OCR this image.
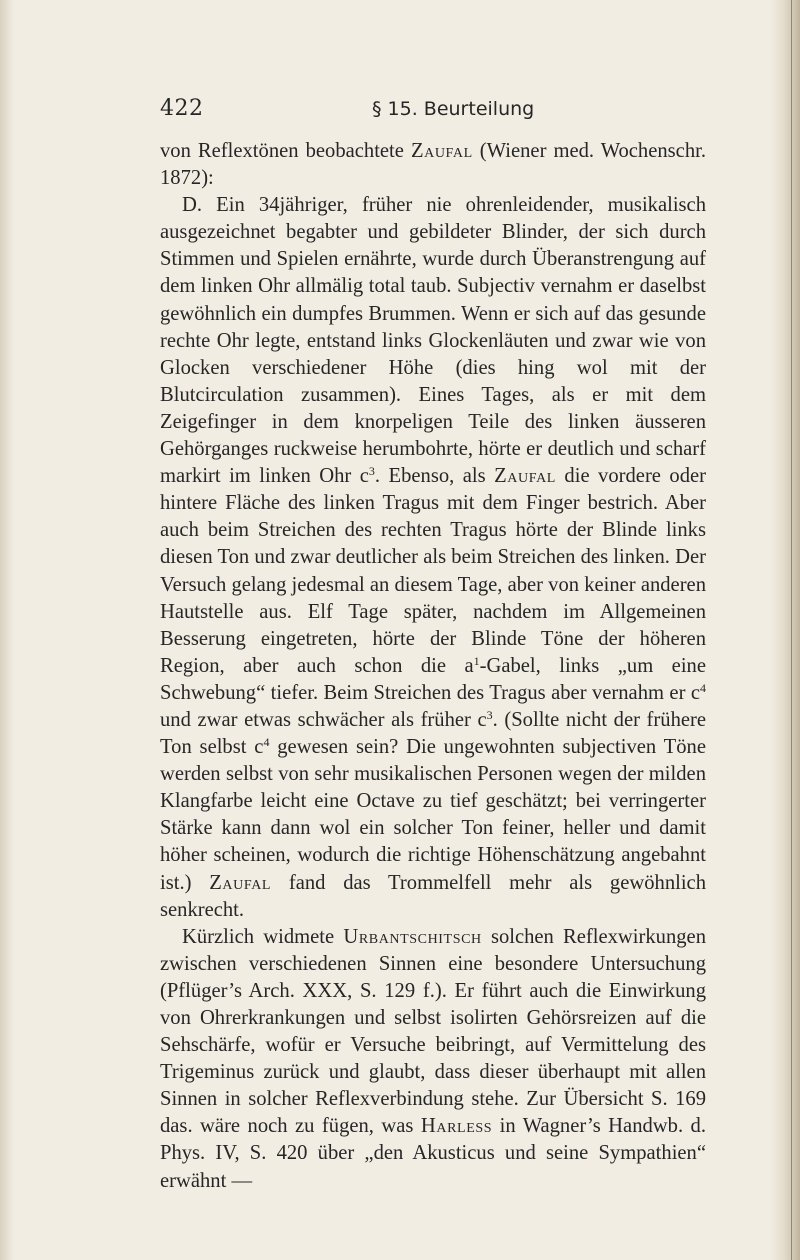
422	§ 15. Beurteilung

von Reflextönen beobachtete Zaufal (Wiener med. Wochenschr. 1872):

D. Ein 34jähriger, früher nie ohrenleidender, musikalisch ausgezeichnet begabter und gebildeter Blinder, der sich durch Stimmen und Spielen ernährte, wurde durch Überanstrengung auf dem linken Ohr allmälig total taub. Subjectiv vernahm er daselbst gewöhnlich ein dumpfes Brummen. Wenn er sich auf das gesunde rechte Ohr legte, entstand links Glockenläuten und zwar wie von Glocken verschiedener Höhe (dies hing wol mit der Blutcirculation zusammen). Eines Tages, als er mit dem Zeigefinger in dem knorpeligen Teile des linken äusseren Gehörganges ruckweise herumbohrte, hörte er deutlich und scharf markirt im linken Ohr $c^3$. Ebenso, als Zaufal die vordere oder hintere Fläche des linken Tragus mit dem Finger bestrich. Aber auch beim Streichen des rechten Tragus hörte der Blinde links diesen Ton und zwar deutlicher als beim Streichen des linken. Der Versuch gelang jedesmal an diesem Tage, aber von keiner anderen Hautstelle aus. Elf Tage später, nachdem im Allgemeinen Besserung eingetreten, hörte der Blinde Töne der höheren Region, aber auch schon die $a^1$-Gabel, links „um eine Schwebung“ tiefer. Beim Streichen des Tragus aber vernahm er $c^4$ und zwar etwas schwächer als früher $c^3$. (Sollte nicht der frühere Ton selbst $c^4$ gewesen sein? Die ungewohnten subjectiven Töne werden selbst von sehr musikalischen Personen wegen der milden Klangfarbe leicht eine Octave zu tief geschätzt; bei verringerter Stärke kann dann wol ein solcher Ton feiner, heller und damit höher scheinen, wodurch die richtige Höhenschätzung angebahnt ist.) Zaufal fand das Trommelfell mehr als gewöhnlich senkrecht.

Kürzlich widmete Urbantschitsch solchen Reflexwirkungen zwischen verschiedenen Sinnen eine besondere Untersuchung (Pflüger’s Arch. XXX, S. 129 f.). Er führt auch die Einwirkung von Ohrerkrankungen und selbst isolirten Gehörsreizen auf die Sehschärfe, wofür er Versuche beibringt, auf Vermittelung des Trigeminus zurück und glaubt, dass dieser überhaupt mit allen Sinnen in solcher Reflexverbindung stehe. Zur Übersicht S. 169 das. wäre noch zu fügen, was Harless in Wagner’s Handwb. d. Phys. IV, S. 420 über „den Akusticus und seine Sympathien“ erwähnt —
